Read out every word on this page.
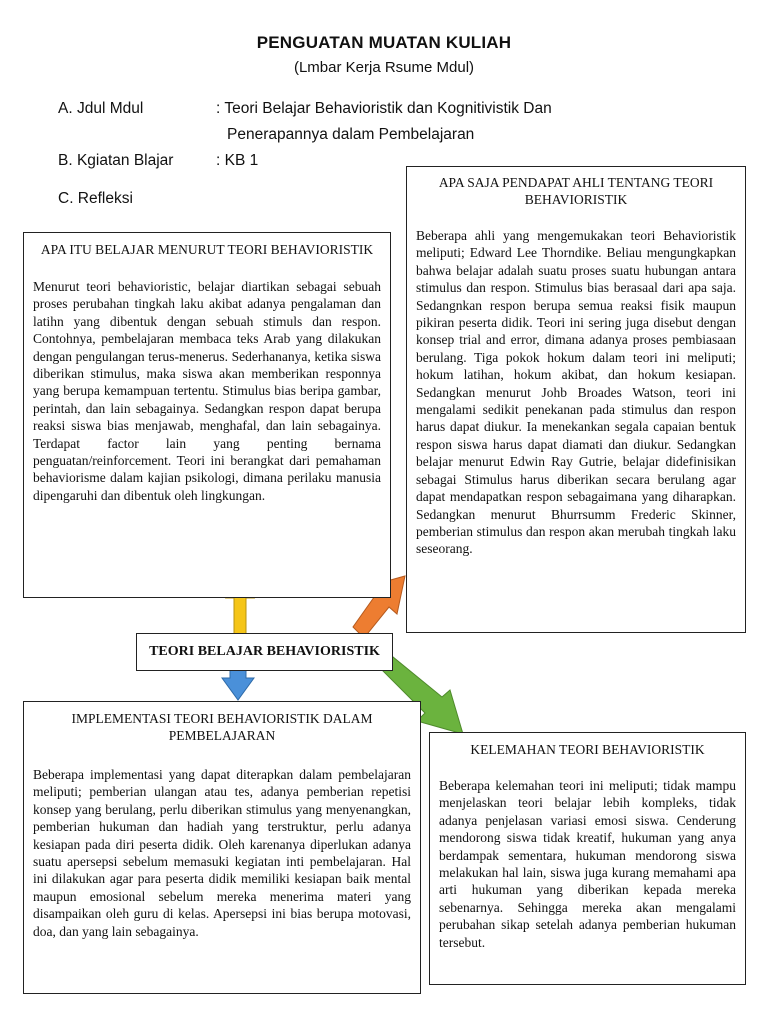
PENGUATAN MUATAN KULIAH
(Lmbar Kerja Rsume Mdul)
A. Jdul Mdul	: Teori Belajar Behavioristik dan Kognitivistik Dan
Penerapannya dalam Pembelajaran
B. Kgiatan Blajar	: KB 1
C. Refleksi
APA ITU BELAJAR MENURUT TEORI BEHAVIORISTIK
Menurut teori behavioristic, belajar diartikan sebagai sebuah proses perubahan tingkah laku akibat adanya pengalaman dan latihn yang dibentuk dengan sebuah stimuls dan respon. Contohnya, pembelajaran membaca teks Arab yang dilakukan dengan pengulangan terus-menerus. Sederhananya, ketika siswa diberikan stimulus, maka siswa akan memberikan responnya yang berupa kemampuan tertentu. Stimulus bias beripa gambar, perintah, dan lain sebagainya. Sedangkan respon dapat berupa reaksi siswa bias menjawab, menghafal, dan lain sebagainya. Terdapat factor lain yang penting bernama penguatan/reinforcement. Teori ini berangkat dari pemahaman behaviorisme dalam kajian psikologi, dimana perilaku manusia dipengaruhi dan dibentuk oleh lingkungan.
APA SAJA PENDAPAT AHLI TENTANG TEORI BEHAVIORISTIK
Beberapa ahli yang mengemukakan teori Behavioristik meliputi; Edward Lee Thorndike. Beliau mengungkapkan bahwa belajar adalah suatu proses suatu hubungan antara stimulus dan respon. Stimulus bias berasaal dari apa saja. Sedangnkan respon berupa semua reaksi fisik maupun pikiran peserta didik. Teori ini sering juga disebut dengan konsep trial and error, dimana adanya proses pembiasaan berulang. Tiga pokok hokum dalam teori ini meliputi; hokum latihan, hokum akibat, dan hokum kesiapan. Sedangkan menurut Johb Broades Watson, teori ini mengalami sedikit penekanan pada stimulus dan respon harus dapat diukur. Ia menekankan segala capaian bentuk respon siswa harus dapat diamati dan diukur. Sedangkan belajar menurut Edwin Ray Gutrie, belajar didefinisikan sebagai Stimulus harus diberikan secara berulang agar dapat mendapatkan respon sebagaimana yang diharapkan. Sedangkan menurut Bhurrsumm Frederic Skinner, pemberian stimulus dan respon akan merubah tingkah laku seseorang.
TEORI BELAJAR BEHAVIORISTIK
IMPLEMENTASI TEORI BEHAVIORISTIK DALAM PEMBELAJARAN
Beberapa implementasi yang dapat diterapkan dalam pembelajaran meliputi; pemberian ulangan atau tes, adanya pemberian repetisi konsep yang berulang, perlu diberikan stimulus yang menyenangkan, pemberian hukuman dan hadiah yang terstruktur, perlu adanya kesiapan pada diri peserta didik. Oleh karenanya diperlukan adanya suatu apersepsi sebelum memasuki kegiatan inti pembelajaran. Hal ini dilakukan agar para peserta didik memiliki kesiapan baik mental maupun emosional sebelum mereka menerima materi yang disampaikan oleh guru di kelas. Apersepsi ini bias berupa motovasi, doa, dan yang lain sebagainya.
KELEMAHAN TEORI BEHAVIORISTIK
Beberapa kelemahan teori ini meliputi; tidak mampu menjelaskan teori belajar lebih kompleks, tidak adanya penjelasan variasi emosi siswa. Cenderung mendorong siswa tidak kreatif, hukuman yang anya berdampak sementara, hukuman mendorong siswa melakukan hal lain, siswa juga kurang memahami apa arti hukuman yang diberikan kepada mereka sebenarnya. Sehingga mereka akan mengalami perubahan sikap setelah adanya pemberian hukuman tersebut.
